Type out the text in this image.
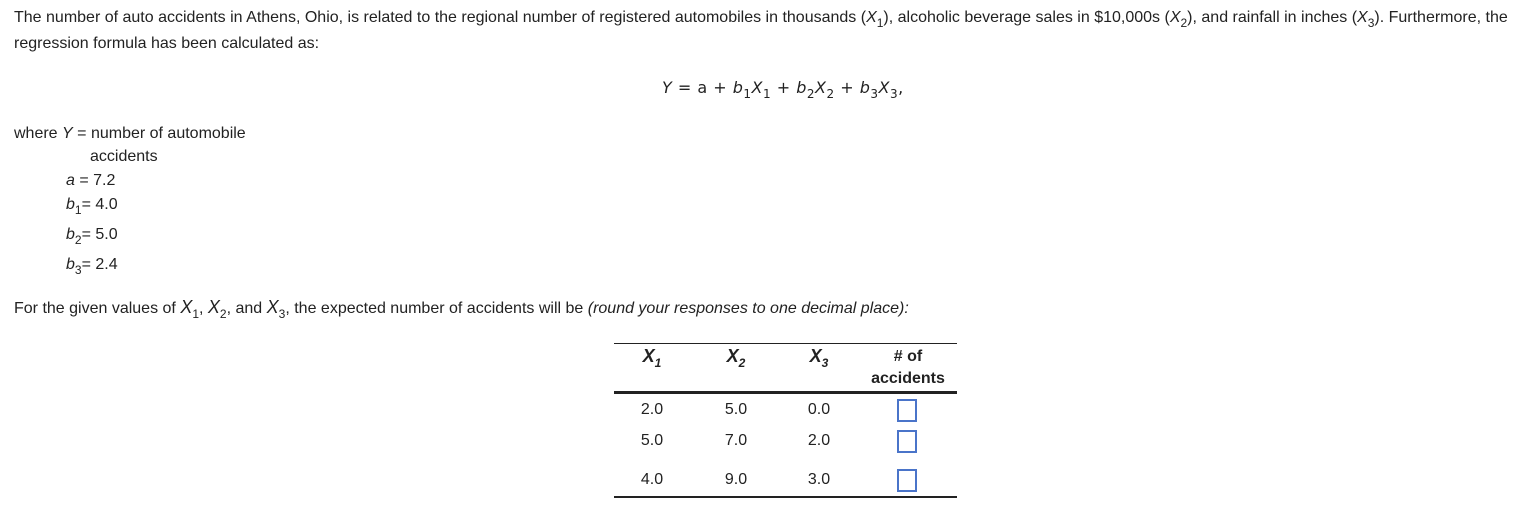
The number of auto accidents in Athens, Ohio, is related to the regional number of registered automobiles in thousands $(X_1)$, alcoholic beverage sales in $10,000s $(X_2)$, and rainfall in inches $(X_3)$. Furthermore, the regression formula has been calculated as:
$Y = a + b_1X_1 + b_2X_2 + b_3X_3$,
where Y = number of automobile
accidents
a = 7.2
$b_1= 4.0$
$b_2= 5.0$
$b_3= 2.4$
For the given values of $X_1$, $X_2$, and $X_3$, the expected number of accidents will be (round your responses to one decimal place):
$X_1$	$X_2$	$X_3$	# of
accidents
2.0	5.0	0.0
5.0	7.0	2.0
4.0	9.0	3.0
